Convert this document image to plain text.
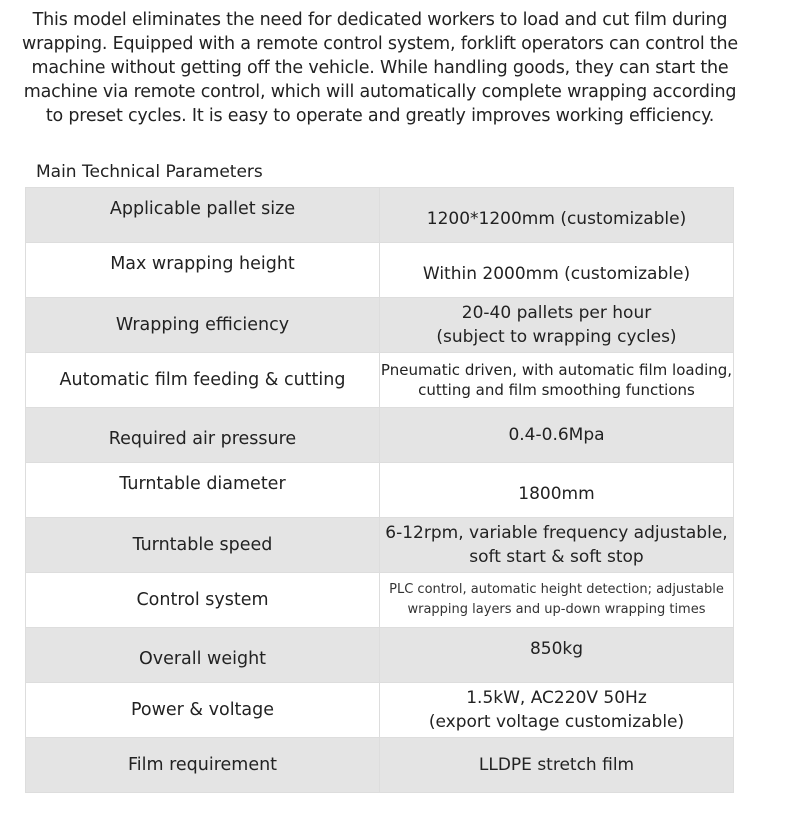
This model eliminates the need for dedicated workers to load and cut film during wrapping. Equipped with a remote control system, forklift operators can control the machine without getting off the vehicle. While handling goods, they can start the machine via remote control, which will automatically complete wrapping according to preset cycles. It is easy to operate and greatly improves working efficiency.

Main Technical Parameters

Applicable pallet size	1200*1200mm (customizable)

Max wrapping height	Within 2000mm (customizable)

Wrapping efficiency	20-40 pallets per hour
(subject to wrapping cycles)

Automatic film feeding & cutting	Pneumatic driven, with automatic film loading,
cutting and film smoothing functions

Required air pressure	0.4-0.6Mpa

Turntable diameter	1800mm

Turntable speed	6-12rpm, variable frequency adjustable,
soft start & soft stop

Control system	PLC control, automatic height detection; adjustable
wrapping layers and up-down wrapping times

Overall weight	850kg

Power & voltage	1.5kW, AC220V 50Hz
(export voltage customizable)

Film requirement	LLDPE stretch film
